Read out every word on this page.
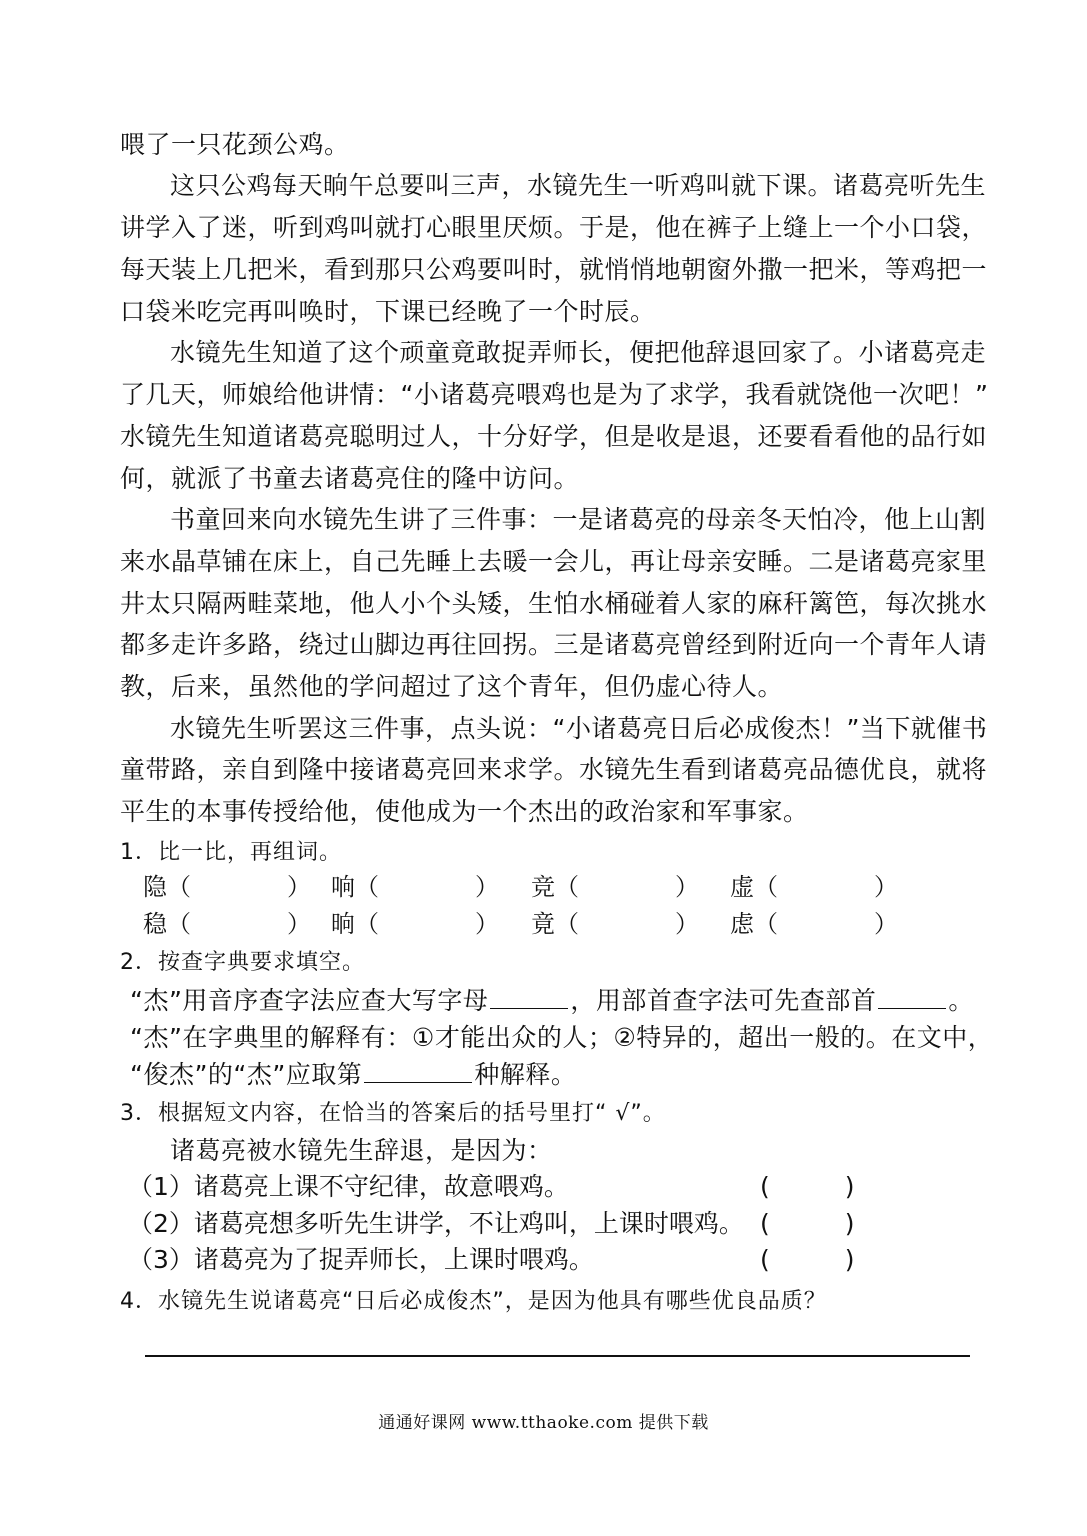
喂了一只花颈公鸡。
这只公鸡每天晌午总要叫三声，水镜先生一听鸡叫就下课。诸葛亮听先生
讲学入了迷，听到鸡叫就打心眼里厌烦。于是，他在裤子上缝上一个小口袋，
每天装上几把米，看到那只公鸡要叫时，就悄悄地朝窗外撒一把米，等鸡把一
口袋米吃完再叫唤时，下课已经晚了一个时辰。
水镜先生知道了这个顽童竟敢捉弄师长，便把他辞退回家了。小诸葛亮走
了几天，师娘给他讲情：“小诸葛亮喂鸡也是为了求学，我看就饶他一次吧！”
水镜先生知道诸葛亮聪明过人，十分好学，但是收是退，还要看看他的品行如
何，就派了书童去诸葛亮住的隆中访问。
书童回来向水镜先生讲了三件事：一是诸葛亮的母亲冬天怕冷，他上山割
来水晶草铺在床上，自己先睡上去暖一会儿，再让母亲安睡。二是诸葛亮家里
井太只隔两畦菜地，他人小个头矮，生怕水桶碰着人家的麻秆篱笆，每次挑水
都多走许多路，绕过山脚边再往回拐。三是诸葛亮曾经到附近向一个青年人请
教，后来，虽然他的学问超过了这个青年，但仍虚心待人。
水镜先生听罢这三件事，点头说：“小诸葛亮日后必成俊杰！”当下就催书
童带路，亲自到隆中接诸葛亮回来求学。水镜先生看到诸葛亮品德优良，就将
平生的本事传授给他，使他成为一个杰出的政治家和军事家。
1．比一比，再组词。
隐（　　　　） 响（　　　　） 竞（　　　　） 虚（　　　　）
稳（　　　　） 晌（　　　　） 竟（　　　　） 虑（　　　　）
2．按查字典要求填空。
“杰”用音序查字法应查大写字母	，用部首查字法可先查部首	。
“杰”在字典里的解释有：①才能出众的人；②特异的，超出一般的。在文中，
“俊杰”的“杰”应取第	种解释。
3．根据短文内容，在恰当的答案后的括号里打“ √”。
诸葛亮被水镜先生辞退，是因为：
（1）诸葛亮上课不守纪律，故意喂鸡。	(　　　)
（2）诸葛亮想多听先生讲学，不让鸡叫，上课时喂鸡。 (　　　)
（3）诸葛亮为了捉弄师长，上课时喂鸡。	(　　　)
4．水镜先生说诸葛亮“日后必成俊杰”，是因为他具有哪些优良品质？
通通好课网 www.tthaoke.com 提供下载
